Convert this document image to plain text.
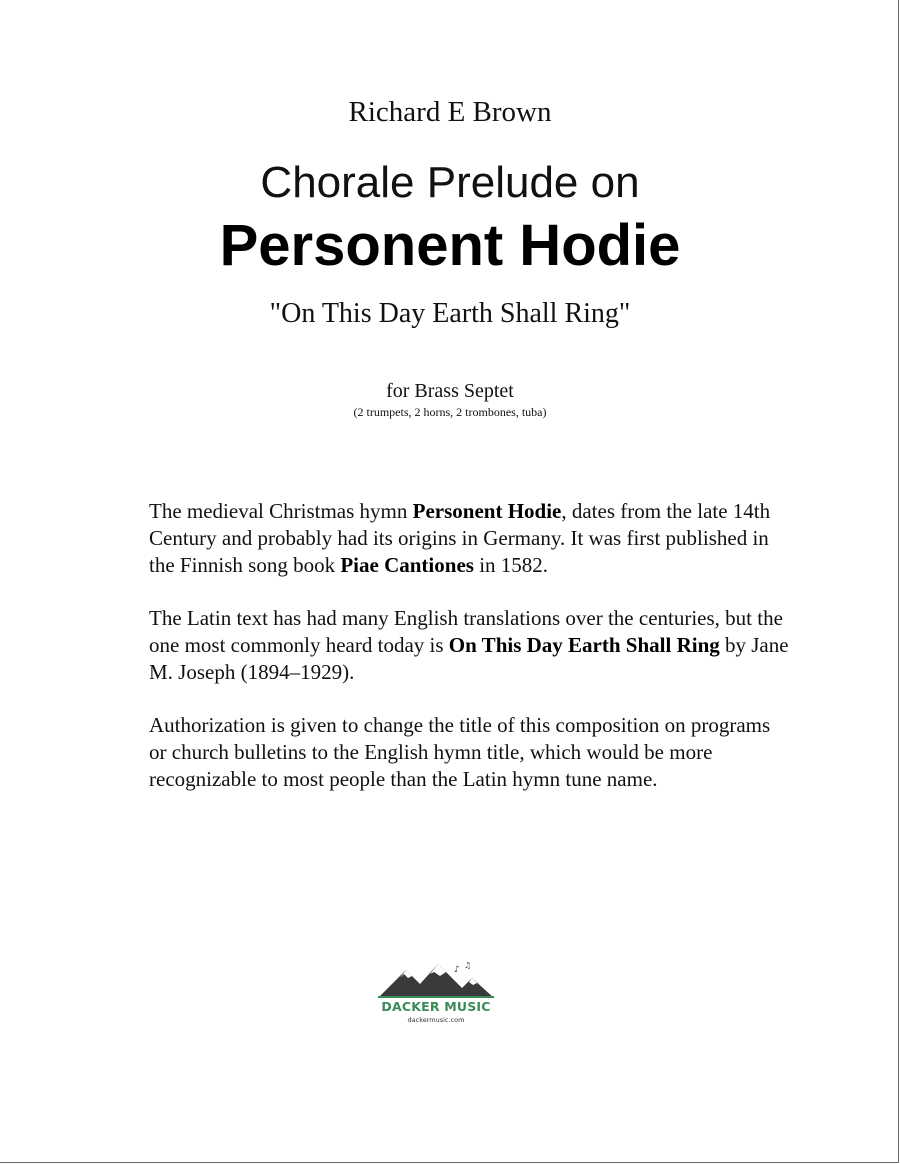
Richard E Brown
Chorale Prelude on
Personent Hodie
"On This Day Earth Shall Ring"
for Brass Septet
(2 trumpets, 2 horns, 2 trombones, tuba)
The medieval Christmas hymn Personent Hodie, dates from the late 14th Century and probably had its origins in Germany. It was first published in the Finnish song book Piae Cantiones in 1582.
The Latin text has had many English translations over the centuries, but the one most commonly heard today is On This Day Earth Shall Ring by Jane M. Joseph (1894–1929).
Authorization is given to change the title of this composition on programs or church bulletins to the English hymn title, which would be more recognizable to most people than the Latin hymn tune name.
♪ ♫
DACKER MUSIC
dackermusic.com
